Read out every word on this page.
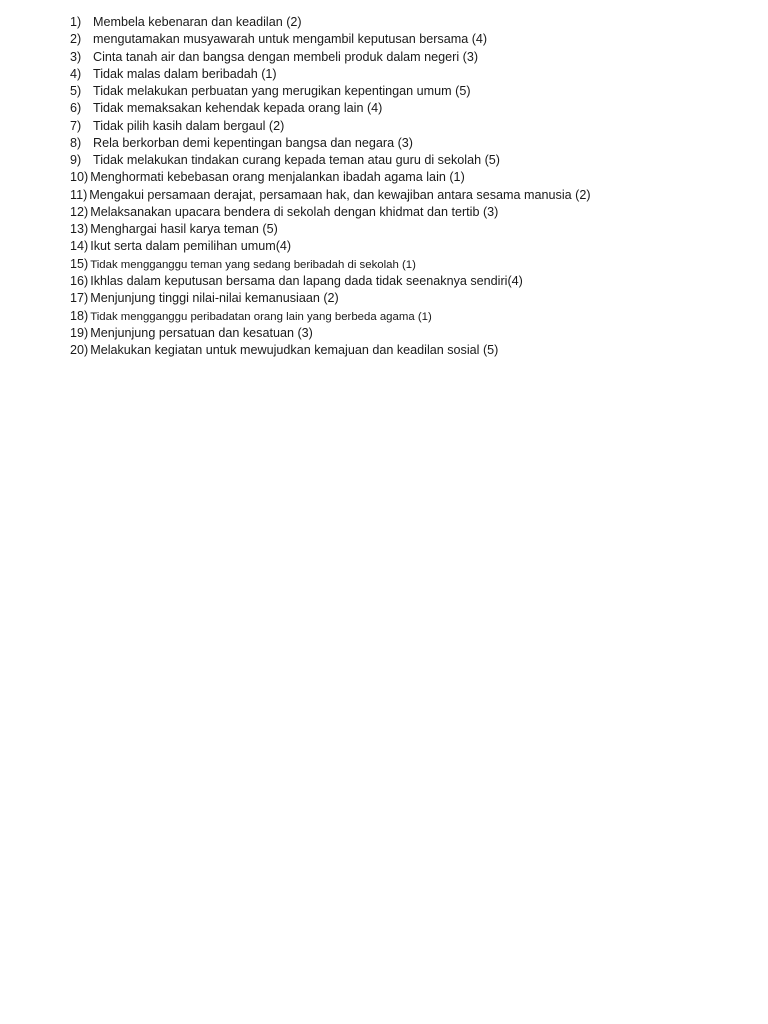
1) Membela kebenaran dan keadilan (2)
2) mengutamakan musyawarah untuk mengambil keputusan bersama (4)
3) Cinta tanah air dan bangsa dengan membeli produk dalam negeri (3)
4) Tidak malas dalam beribadah (1)
5) Tidak melakukan perbuatan yang merugikan kepentingan umum (5)
6) Tidak memaksakan kehendak kepada orang lain (4)
7) Tidak pilih kasih dalam bergaul (2)
8) Rela berkorban demi kepentingan bangsa dan negara (3)
9) Tidak melakukan tindakan curang kepada teman atau guru di sekolah (5)
10) Menghormati kebebasan orang menjalankan ibadah agama lain (1)
11) Mengakui persamaan derajat, persamaan hak, dan kewajiban antara sesama manusia (2)
12) Melaksanakan upacara bendera di sekolah dengan khidmat dan tertib (3)
13) Menghargai hasil karya teman (5)
14) Ikut serta dalam pemilihan umum(4)
15) Tidak mengganggu teman yang sedang beribadah di sekolah (1)
16) Ikhlas dalam keputusan bersama dan lapang dada tidak seenaknya sendiri(4)
17) Menjunjung tinggi nilai-nilai kemanusiaan (2)
18) Tidak mengganggu peribadatan orang lain yang berbeda agama (1)
19) Menjunjung persatuan dan kesatuan (3)
20) Melakukan kegiatan untuk mewujudkan kemajuan dan keadilan sosial (5)
